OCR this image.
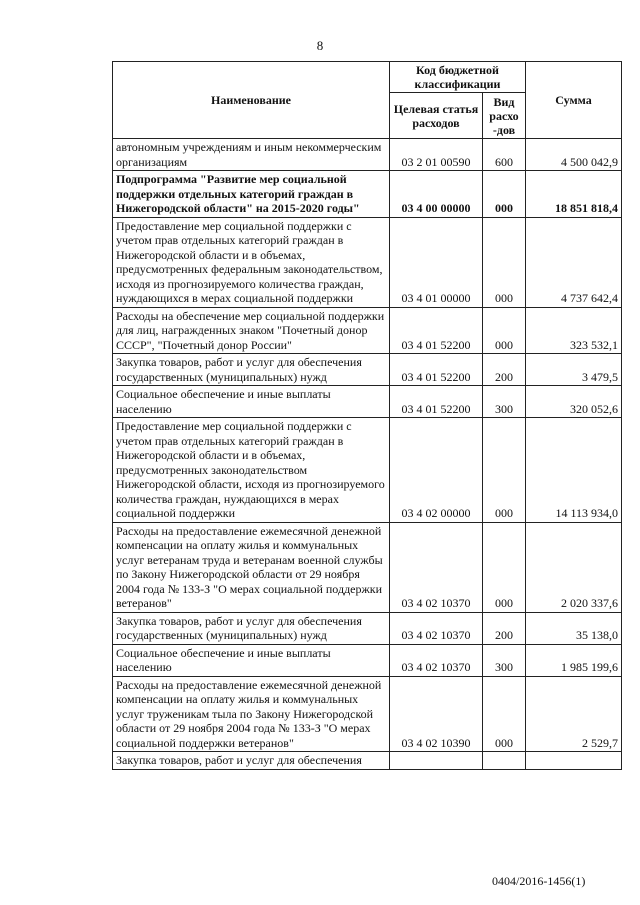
8
Наименование	Код бюджетной классификации		Сумма
	Целевая статья расходов	Вид расхо -дов	
автономным учреждениям и иным некоммерческим организациям	03 2 01 00590	600	4 500 042,9
Подпрограмма "Развитие мер социальной поддержки отдельных категорий граждан в Нижегородской области" на 2015-2020 годы"	03 4 00 00000	000	18 851 818,4
Предоставление мер социальной поддержки с учетом прав отдельных категорий граждан в Нижегородской области и в объемах, предусмотренных федеральным законодательством, исходя из прогнозируемого количества граждан, нуждающихся в мерах социальной поддержки	03 4 01 00000	000	4 737 642,4
Расходы на обеспечение мер социальной поддержки для лиц, награжденных знаком "Почетный донор СССР", "Почетный донор России"	03 4 01 52200	000	323 532,1
Закупка товаров, работ и услуг для обеспечения государственных (муниципальных) нужд	03 4 01 52200	200	3 479,5
Социальное обеспечение и иные выплаты населению	03 4 01 52200	300	320 052,6
Предоставление мер социальной поддержки с учетом прав отдельных категорий граждан в Нижегородской области и в объемах, предусмотренных законодательством Нижегородской области, исходя из прогнозируемого количества граждан, нуждающихся в мерах социальной поддержки	03 4 02 00000	000	14 113 934,0
Расходы на предоставление ежемесячной денежной компенсации на оплату жилья и коммунальных услуг ветеранам труда и ветеранам военной службы по Закону Нижегородской области от 29 ноября 2004 года № 133-З "О мерах социальной поддержки ветеранов"	03 4 02 10370	000	2 020 337,6
Закупка товаров, работ и услуг для обеспечения государственных (муниципальных) нужд	03 4 02 10370	200	35 138,0
Социальное обеспечение и иные выплаты населению	03 4 02 10370	300	1 985 199,6
Расходы на предоставление ежемесячной денежной компенсации на оплату жилья и коммунальных услуг труженикам тыла по Закону Нижегородской области от 29 ноября 2004 года № 133-З "О мерах социальной поддержки ветеранов"	03 4 02 10390	000	2 529,7
Закупка товаров, работ и услуг для обеспечения			
0404/2016-1456(1)
